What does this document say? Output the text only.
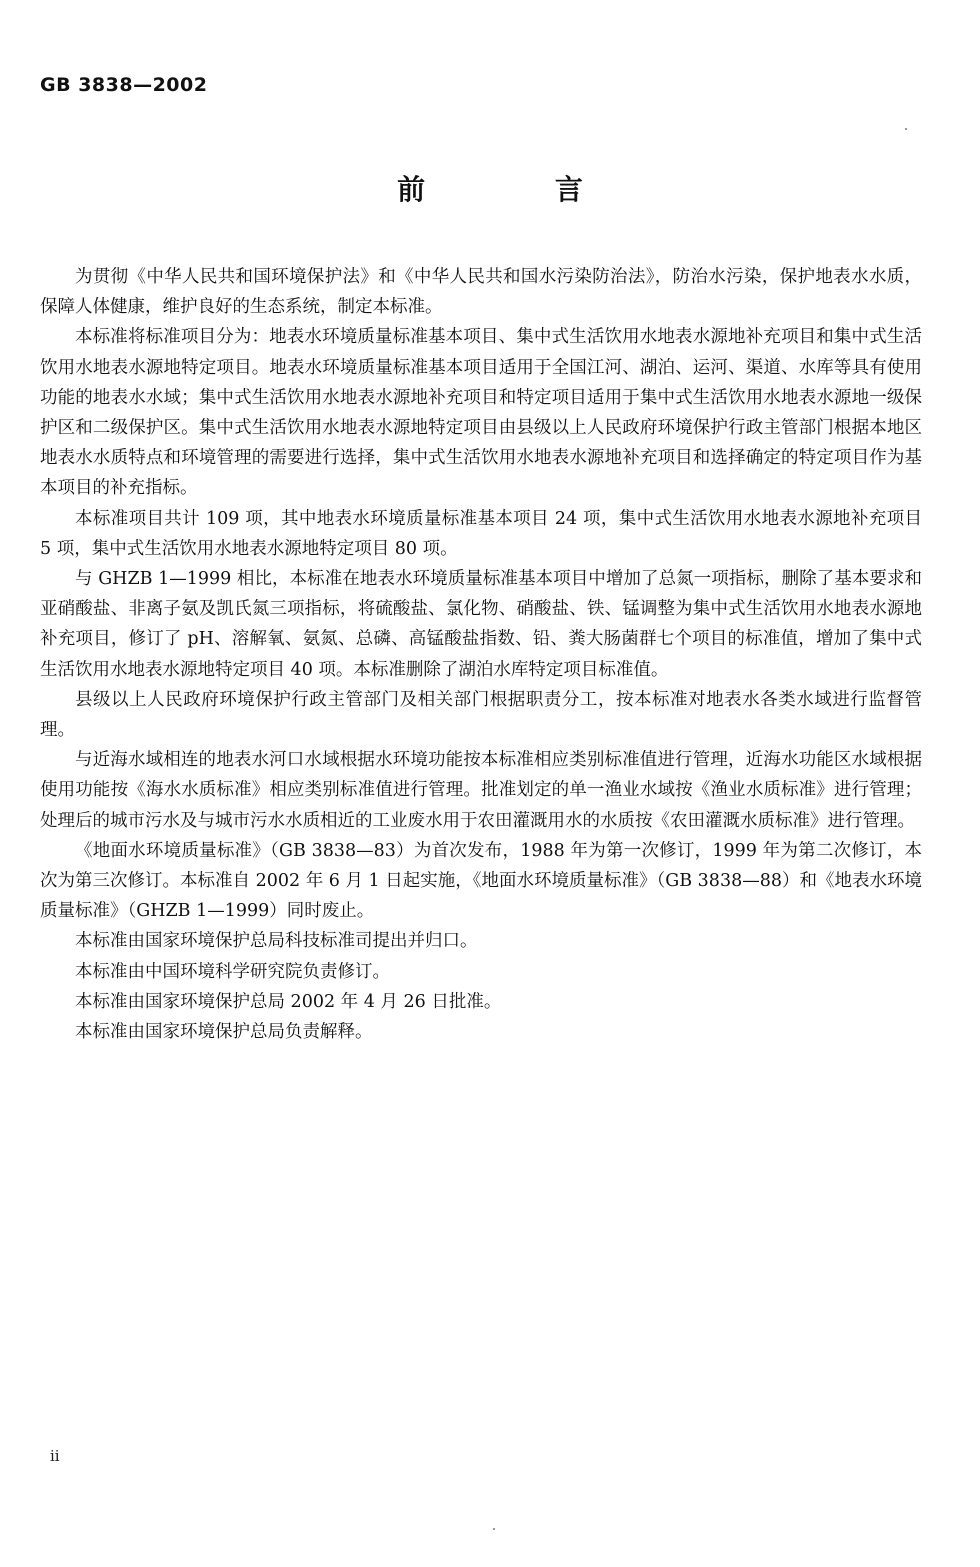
GB 3838—2002
前 言

为贯彻《中华人民共和国环境保护法》和《中华人民共和国水污染防治法》，防治水污染，保护地表水水质，保障人体健康，维护良好的生态系统，制定本标准。

本标准将标准项目分为：地表水环境质量标准基本项目、集中式生活饮用水地表水源地补充项目和集中式生活饮用水地表水源地特定项目。地表水环境质量标准基本项目适用于全国江河、湖泊、运河、渠道、水库等具有使用功能的地表水水域；集中式生活饮用水地表水源地补充项目和特定项目适用于集中式生活饮用水地表水源地一级保护区和二级保护区。集中式生活饮用水地表水源地特定项目由县级以上人民政府环境保护行政主管部门根据本地区地表水水质特点和环境管理的需要进行选择，集中式生活饮用水地表水源地补充项目和选择确定的特定项目作为基本项目的补充指标。

本标准项目共计 109 项，其中地表水环境质量标准基本项目 24 项，集中式生活饮用水地表水源地补充项目 5 项，集中式生活饮用水地表水源地特定项目 80 项。

与 GHZB 1—1999 相比，本标准在地表水环境质量标准基本项目中增加了总氮一项指标，删除了基本要求和亚硝酸盐、非离子氨及凯氏氮三项指标，将硫酸盐、氯化物、硝酸盐、铁、锰调整为集中式生活饮用水地表水源地补充项目，修订了 pH、溶解氧、氨氮、总磷、高锰酸盐指数、铅、粪大肠菌群七个项目的标准值，增加了集中式生活饮用水地表水源地特定项目 40 项。本标准删除了湖泊水库特定项目标准值。

县级以上人民政府环境保护行政主管部门及相关部门根据职责分工，按本标准对地表水各类水域进行监督管理。

与近海水域相连的地表水河口水域根据水环境功能按本标准相应类别标准值进行管理，近海水功能区水域根据使用功能按《海水水质标准》相应类别标准值进行管理。批准划定的单一渔业水域按《渔业水质标准》进行管理；处理后的城市污水及与城市污水水质相近的工业废水用于农田灌溉用水的水质按《农田灌溉水质标准》进行管理。

《地面水环境质量标准》（GB 3838—83）为首次发布，1988 年为第一次修订，1999 年为第二次修订，本次为第三次修订。本标准自 2002 年 6 月 1 日起实施，《地面水环境质量标准》（GB 3838—88）和《地表水环境质量标准》（GHZB 1—1999）同时废止。

本标准由国家环境保护总局科技标准司提出并归口。

本标准由中国环境科学研究院负责修订。

本标准由国家环境保护总局 2002 年 4 月 26 日批准。

本标准由国家环境保护总局负责解释。

ii
